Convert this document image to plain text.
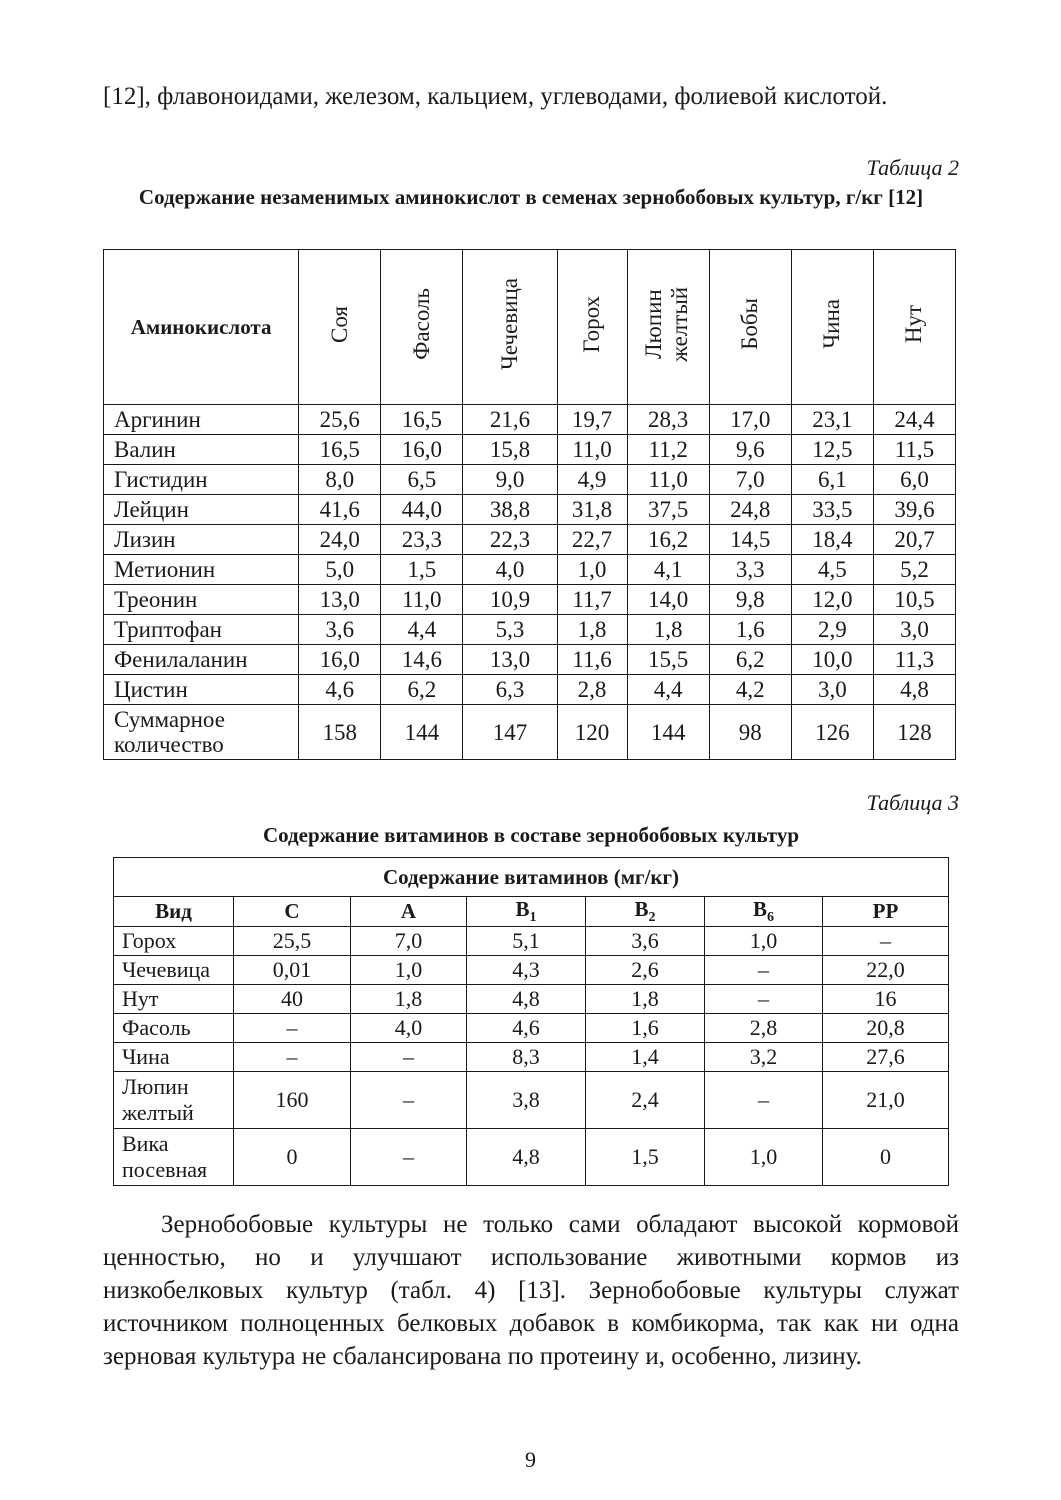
[12], флавоноидами, железом, кальцием, углеводами, фолиевой кислотой.
Таблица 2
Содержание незаменимых аминокислот в семенах зернобобовых культур, г/кг [12]
Аминокислота	Соя	Фасоль	Чечевица	Горох	Люпин желтый	Бобы	Чина	Нут
Аргинин	25,6	16,5	21,6	19,7	28,3	17,0	23,1	24,4
Валин	16,5	16,0	15,8	11,0	11,2	9,6	12,5	11,5
Гистидин	8,0	6,5	9,0	4,9	11,0	7,0	6,1	6,0
Лейцин	41,6	44,0	38,8	31,8	37,5	24,8	33,5	39,6
Лизин	24,0	23,3	22,3	22,7	16,2	14,5	18,4	20,7
Метионин	5,0	1,5	4,0	1,0	4,1	3,3	4,5	5,2
Треонин	13,0	11,0	10,9	11,7	14,0	9,8	12,0	10,5
Триптофан	3,6	4,4	5,3	1,8	1,8	1,6	2,9	3,0
Фенилаланин	16,0	14,6	13,0	11,6	15,5	6,2	10,0	11,3
Цистин	4,6	6,2	6,3	2,8	4,4	4,2	3,0	4,8
Суммарное количество	158	144	147	120	144	98	126	128
Таблица 3
Содержание витаминов в составе зернобобовых культур
Содержание витаминов (мг/кг)						
Вид	C	A	$B_1$	$B_2$	$B_6$	PP
Горох	25,5	7,0	5,1	3,6	1,0	–
Чечевица	0,01	1,0	4,3	2,6	–	22,0
Нут	40	1,8	4,8	1,8	–	16
Фасоль	–	4,0	4,6	1,6	2,8	20,8
Чина	–	–	8,3	1,4	3,2	27,6
Люпин желтый	160	–	3,8	2,4	–	21,0
Вика посевная	0	–	4,8	1,5	1,0	0
Зернобобовые культуры не только сами обладают высокой кормовой ценностью, но и улучшают использование животными кормов из низкобелковых культур (табл. 4) [13]. Зернобобовые культуры служат источником полноценных белковых добавок в комбикорма, так как ни одна зерновая культура не сбалансирована по протеину и, особенно, лизину.
9
